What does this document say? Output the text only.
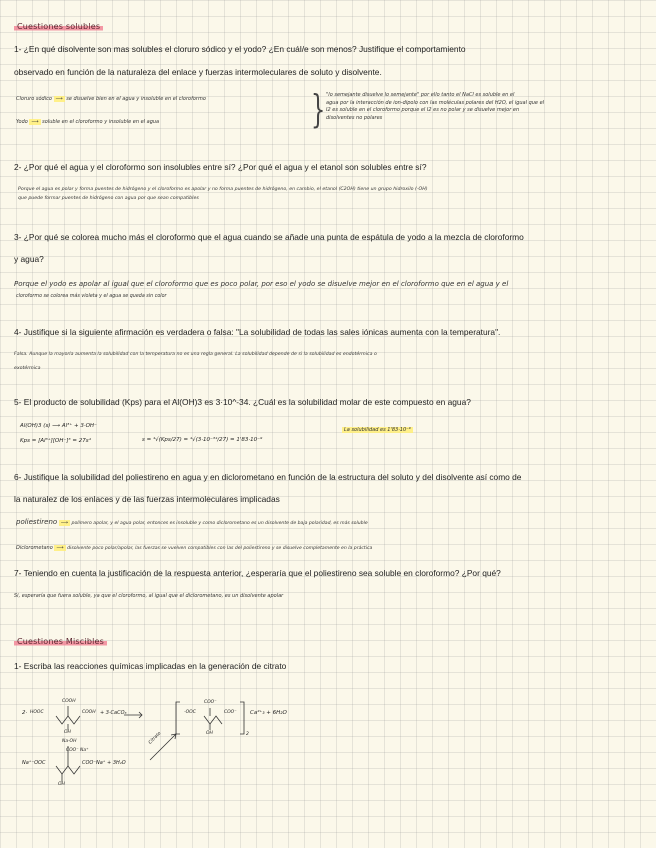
Cuestiones solubles
1- ¿En qué disolvente son mas solubles el cloruro sódico y el yodo? ¿En cuál/e son menos? Justifique el comportamiento
observado en función de la naturaleza del enlace y fuerzas intermoleculares de soluto y disolvente.
Cloruro sódico ⟶ se disuelve bien en el agua y insoluble en el cloroformo
Yodo ⟶ soluble en el cloroformo y insoluble en el agua	} "lo semejante disuelve lo semejante" por ello tanto el NaCl es soluble en el
agua por la interacción de ion-dipolo con las moléculas polares del H2O, el igual que el
I2 es soluble en el cloroformo porque el I2 es no polar y se disuelve mejor en
disolventes no polares
2- ¿Por qué el agua y el cloroformo son insolubles entre sí? ¿Por qué el agua y el etanol son solubles entre sí?
Porque el agua es polar y forma puentes de hidrógeno y el cloroformo es apolar y no forma puentes de hidrógeno, en cambio, el etanol (C2OH) tiene un grupo hidroxilo (-OH)
que puede formar puentes de hidrógeno con agua por que sean compatibles
3- ¿Por qué se colorea mucho más el cloroformo que el agua cuando se añade una punta de espátula de yodo a la mezcla de cloroformo
y agua?
Porque el yodo es apolar al igual que el cloroformo que es poco polar, por eso el yodo se disuelve mejor en el cloroformo que en el agua y el
cloroformo se colorea más violeta y el agua se queda sin color
4- Justifique si la siguiente afirmación es verdadera o falsa: "La solubilidad de todas las sales iónicas aumenta con la temperatura".
Falsa. Aunque la mayoría aumenta la solubilidad con la temperatura no es una regla general. La solubilidad depende de si la solubilidad es endotérmica o
exotérmica
5- El producto de solubilidad (Kps) para el Al(OH)3 es 3·10^-34. ¿Cuál es la solubilidad molar de este compuesto en agua?
Al(OH)3 (s) ⟶ Al³⁺ + 3·OH⁻
Kps = [Al³⁺][OH⁻]³ = 27s⁴	s = ⁴√(Kps/27) = ⁴√(3·10⁻³⁴/27) = 1'83·10⁻⁹
La solubilidad es 1'83·10⁻⁹
6- Justifique la solubilidad del poliestireno en agua y en diclorometano en función de la estructura del soluto y del disolvente así como de
la naturalez de los enlaces y de las fuerzas intermoleculares implicadas
poliestireno ⟶ polímero apolar, y el agua polar, entonces es insoluble y como diclorometano es un disolvente de baja polaridad, es más soluble
Diclorometano ⟶ disolvente poco polar/apolar, las fuerzas se vuelven compatibles con las del poliestireno y se disuelve completamente en la práctica
7- Teniendo en cuenta la justificación de la respuesta anterior, ¿esperaría que el poliestireno sea soluble en cloroformo? ¿Por qué?
Si, esperaría que fuera soluble, ya que el cloroformo, al igual que el diclorometano, es un disolvente apolar
Cuestiones Miscibles
1- Escriba las reacciones químicas implicadas en la generación de citrato
2· HOOC
COOH
COOH
OH
+ 3·CaCO₃	-OOC
COO⁻
COO⁻
OH	2
Ca²⁺₃ + 6H₂O
Na·OH
COO⁻ Na⁺
Na⁺⁻OOC	COO⁻Na⁺ + 3H₂O
OH
Citrato
